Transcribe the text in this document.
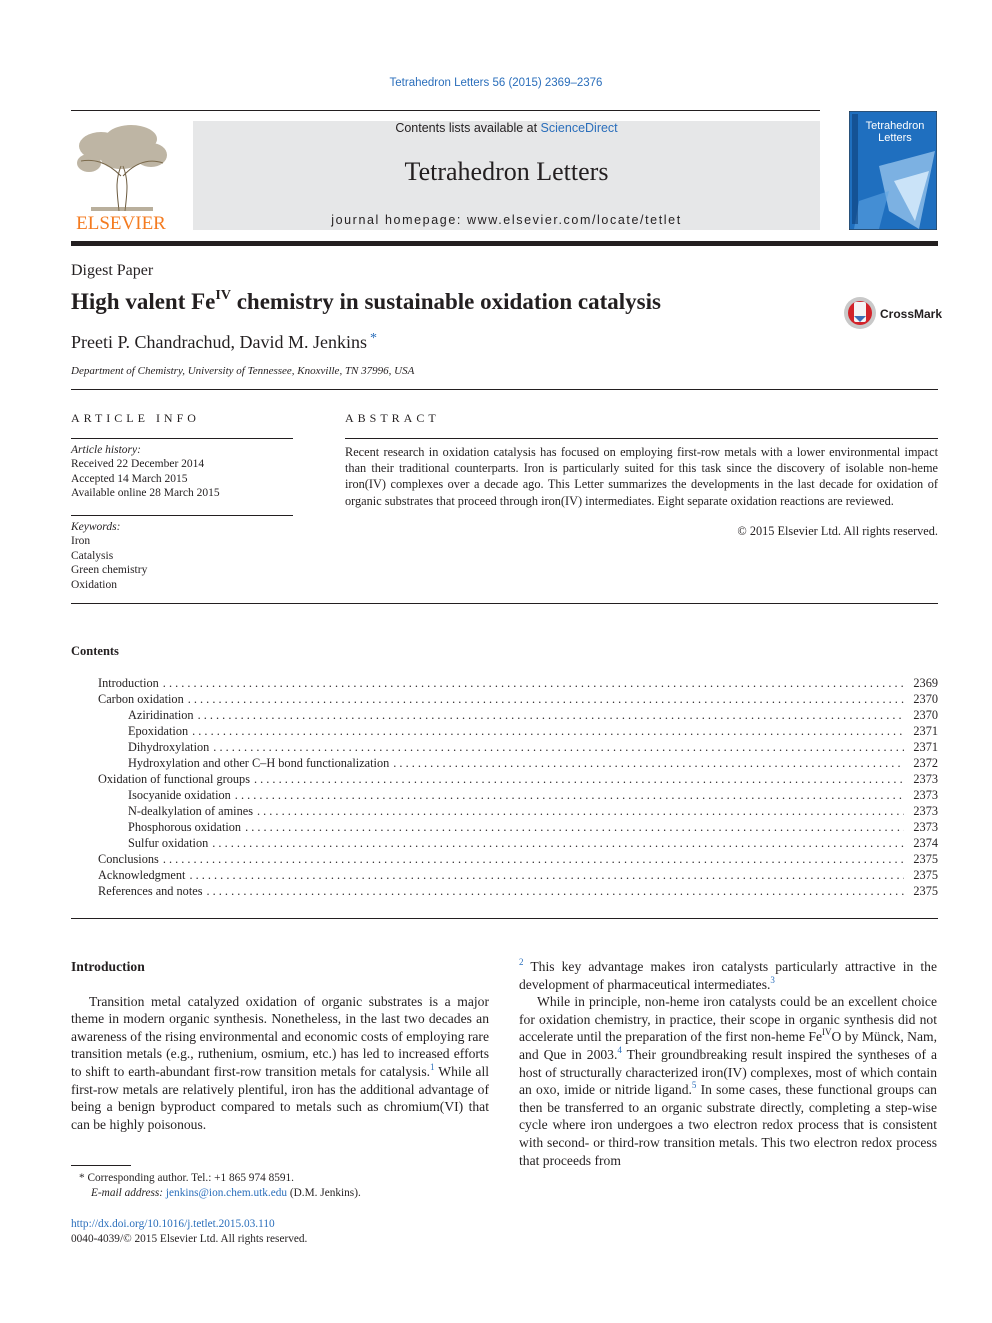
Tetrahedron Letters 56 (2015) 2369–2376
ELSEVIER
Contents lists available at ScienceDirect
Tetrahedron Letters
journal homepage: www.elsevier.com/locate/tetlet
Tetrahedron
Letters
Digest Paper
High valent $Fe^{IV}$ chemistry in sustainable oxidation catalysis	CrossMark
Preeti P. Chandrachud, David M. Jenkins *
Department of Chemistry, University of Tennessee, Knoxville, TN 37996, USA
ARTICLE INFO
Article history:
Received 22 December 2014
Accepted 14 March 2015
Available online 28 March 2015
Keywords:
Iron
Catalysis
Green chemistry
Oxidation
ABSTRACT
Recent research in oxidation catalysis has focused on employing first-row metals with a lower environmental impact than their traditional counterparts. Iron is particularly suited for this task since the discovery of isolable non-heme iron(IV) complexes over a decade ago. This Letter summarizes the developments in the last decade for oxidation of organic substrates that proceed through iron(IV) intermediates. Eight separate oxidation reactions are reviewed.
© 2015 Elsevier Ltd. All rights reserved.
Contents
Introduction . . .	2369
Carbon oxidation . . .	2370
Aziridination . . .	2370
Epoxidation . . .	2371
Dihydroxylation . . .	2371
Hydroxylation and other C–H bond functionalization . . .	2372
Oxidation of functional groups . . .	2373
Isocyanide oxidation . . .	2373
N-dealkylation of amines . . .	2373
Phosphorous oxidation . . .	2373
Sulfur oxidation . . .	2374
Conclusions . . .	2375
Acknowledgment . . .	2375
References and notes . . .	2375

Introduction

Transition metal catalyzed oxidation of organic substrates is a major theme in modern organic synthesis. Nonetheless, in the last two decades an awareness of the rising environmental and economic costs of employing rare transition metals (e.g., ruthenium, osmium, etc.) has led to increased efforts to shift to earth-abundant first-row transition metals for catalysis.$^1$ While all first-row metals are relatively plentiful, iron has the additional advantage of being a benign byproduct compared to metals such as chromium(VI) that can be highly poisonous.

$^2$ This key advantage makes iron catalysts particularly attractive in the development of pharmaceutical intermediates.$^3$

While in principle, non-heme iron catalysts could be an excellent choice for oxidation chemistry, in practice, their scope in organic synthesis did not accelerate until the preparation of the first non-heme $Fe^{IV}O$ by Münck, Nam, and Que in 2003.$^4$ Their groundbreaking result inspired the syntheses of a host of structurally characterized iron(IV) complexes, most of which contain an oxo, imide or nitride ligand.$^5$ In some cases, these functional groups can then be transferred to an organic substrate directly, completing a step-wise cycle where iron undergoes a two electron redox process that is consistent with second- or third-row transition metals. This two electron redox process that proceeds from

* Corresponding author. Tel.: +1 865 974 8591.
E-mail address: jenkins@ion.chem.utk.edu (D.M. Jenkins).
http://dx.doi.org/10.1016/j.tetlet.2015.03.110
0040-4039/© 2015 Elsevier Ltd. All rights reserved.
